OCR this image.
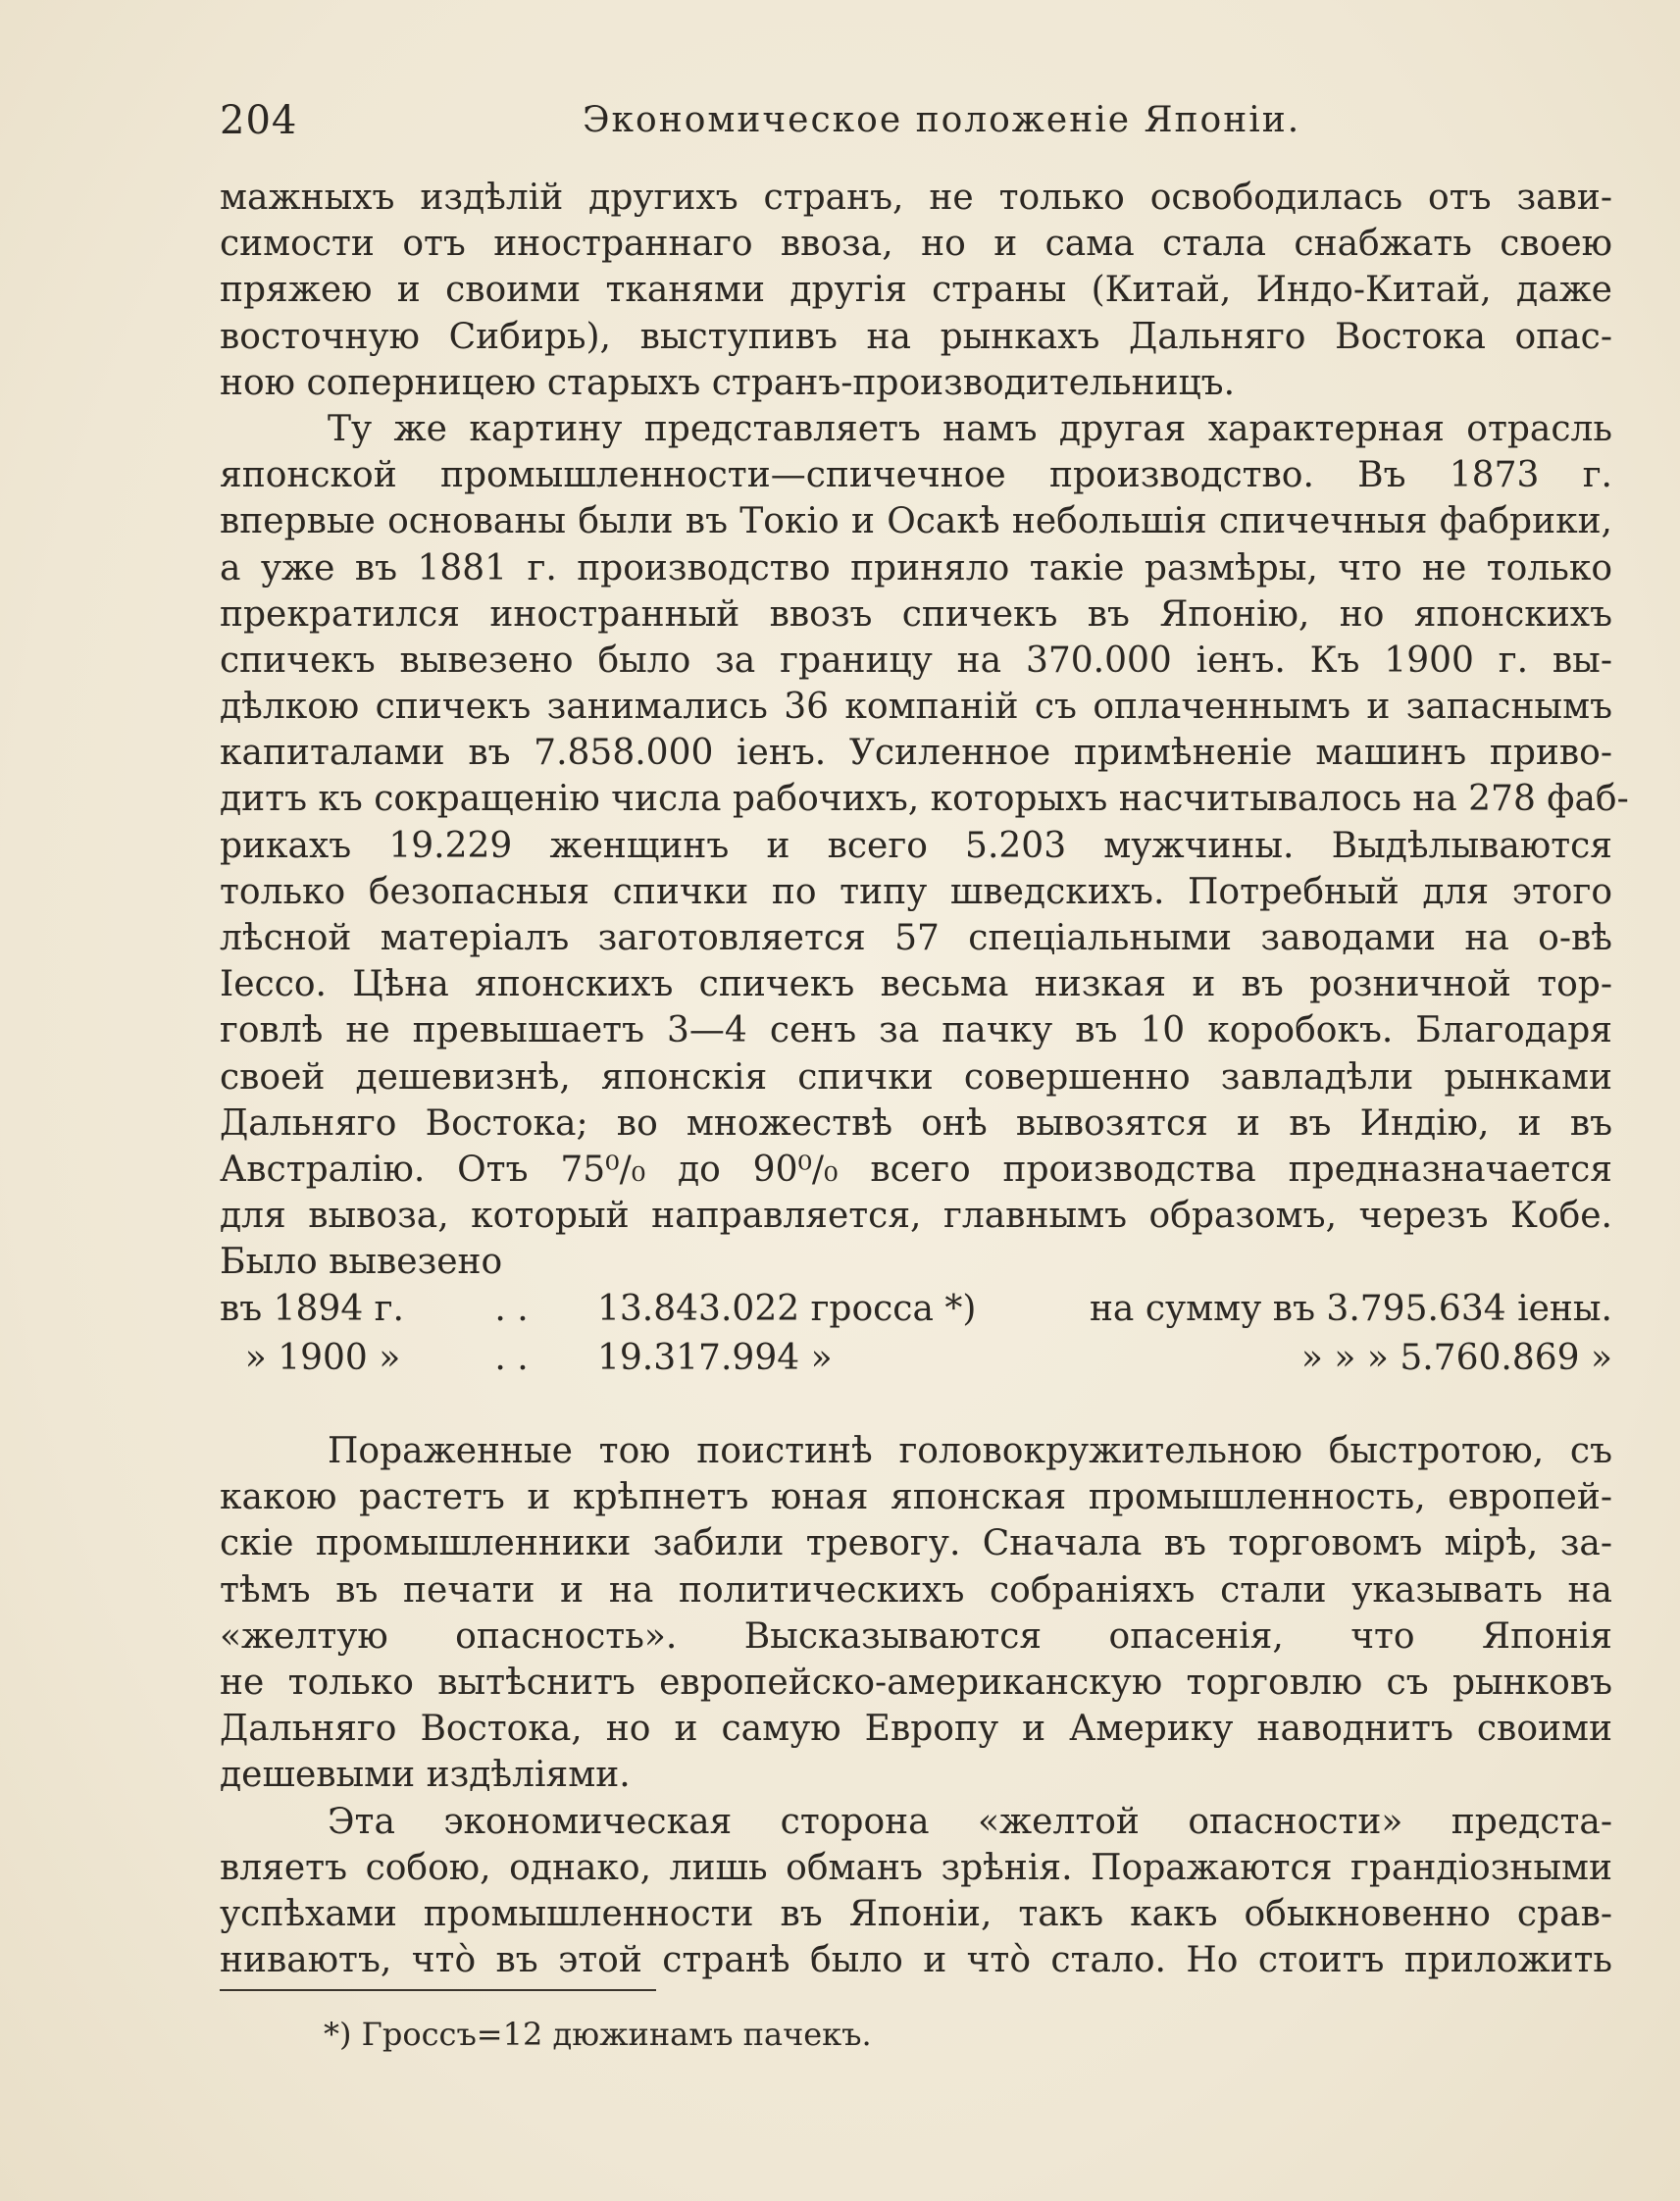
204	Экономическое положеніе Японіи.
мажныхъ издѣлій другихъ странъ, не только освободилась отъ зави-
симости отъ иностраннаго ввоза, но и сама стала снабжать своею
пряжею и своими тканями другія страны (Китай, Индо-Китай, даже
восточную Сибирь), выступивъ на рынкахъ Дальняго Востока опас-
ною соперницею старыхъ странъ-производительницъ.
Ту же картину представляетъ намъ другая характерная отрасль
японской промышленности—спичечное производство. Въ 1873 г.
впервые основаны были въ Токіо и Осакѣ небольшія спичечныя фабрики,
а уже въ 1881 г. производство приняло такіе размѣры, что не только
прекратился иностранный ввозъ спичекъ въ Японію, но японскихъ
спичекъ вывезено было за границу на 370.000 іенъ. Къ 1900 г. вы-
дѣлкою спичекъ занимались 36 компаній съ оплаченнымъ и запаснымъ
капиталами въ 7.858.000 іенъ. Усиленное примѣненіе машинъ приво-
дитъ къ сокращенію числа рабочихъ, которыхъ насчитывалось на 278 фаб-
рикахъ 19.229 женщинъ и всего 5.203 мужчины. Выдѣлываются
только безопасныя спички по типу шведскихъ. Потребный для этого
лѣсной матеріалъ заготовляется 57 спеціальными заводами на о-вѣ
Іессо. Цѣна японскихъ спичекъ весьма низкая и въ розничной тор-
говлѣ не превышаетъ 3—4 сенъ за пачку въ 10 коробокъ. Благодаря
своей дешевизнѣ, японскія спички совершенно завладѣли рынками
Дальняго Востока; во множествѣ онѣ вывозятся и въ Индію, и въ
Австралію. Отъ 75⁰/₀ до 90⁰/₀ всего производства предназначается
для вывоза, который направляется, главнымъ образомъ, черезъ Кобе.
Было вывезено
въ 1894 г.	. .	13.843.022 гросса *)	на сумму въ 3.795.634 іены.
» 1900 »	. .	19.317.994 »	» » » 5.760.869 »
Пораженные тою поистинѣ головокружительною быстротою, съ
какою растетъ и крѣпнетъ юная японская промышленность, европей-
скіе промышленники забили тревогу. Сначала въ торговомъ мірѣ, за-
тѣмъ въ печати и на политическихъ собраніяхъ стали указывать на
«желтую опасность». Высказываются опасенія, что Японія
не только вытѣснитъ европейско-американскую торговлю съ рынковъ
Дальняго Востока, но и самую Европу и Америку наводнитъ своими
дешевыми издѣліями.
Эта экономическая сторона «желтой опасности» предста-
вляетъ собою, однако, лишь обманъ зрѣнія. Поражаются грандіозными
успѣхами промышленности въ Японіи, такъ какъ обыкновенно срав-
ниваютъ, что̀ въ этой странѣ было и что̀ стало. Но стоитъ приложить
*) Гроссъ=12 дюжинамъ пачекъ.
